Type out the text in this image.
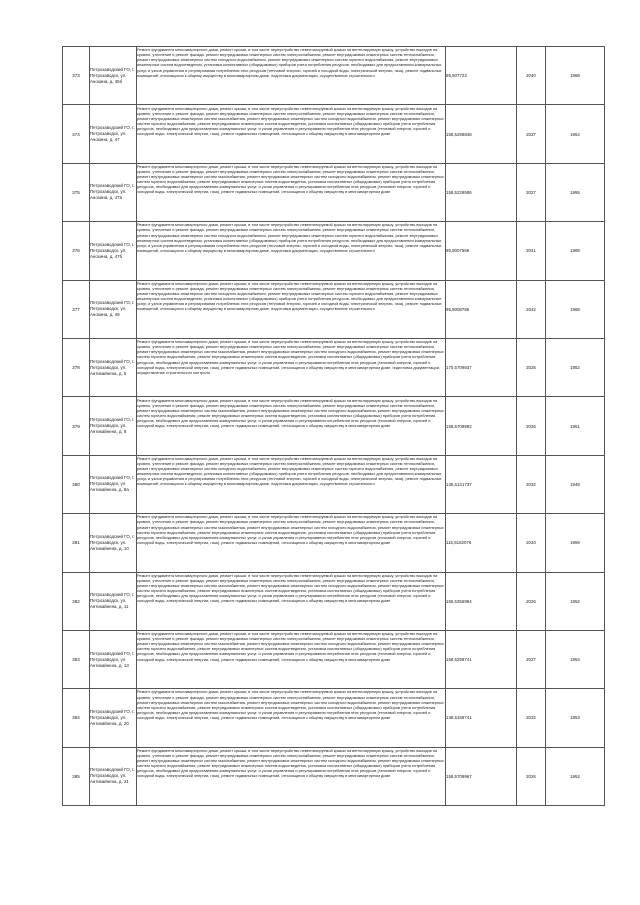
373	Петрозаводский ГО, г. Петрозаводск, ул. Анохина, д. 45б	Ремонт фундамента многоквартирного дома, ремонт крыши, в том числе переустройство невентилируемой крыши на вентилируемую крышу, устройство выходов на кровлю, утепление и ремонт фасада, ремонт внутридомовых инженерных систем электроснабжения, ремонт внутридомовых инженерных систем теплоснабжения, ремонт внутридомовых инженерных систем холодного водоснабжения, ремонт внутридомовых инженерных систем горячего водоснабжения, ремонт внутридомовых инженерных систем водоотведения, установка коллективных (общедомовых) приборов учета потребления ресурсов, необходимых для предоставления коммунальных услуг, и узлов управления и регулирования потребления этих ресурсов (тепловой энергии, горячей и холодной воды, электрической энергии, газа), ремонт подвальных помещений, относящихся к общему имуществу в многоквартирном доме, подготовка документации, осуществление строительного	95,507723	2040	1988
374	Петрозаводский ГО, г. Петрозаводск, ул. Анохина, д. 47	Ремонт фундамента многоквартирного дома, ремонт крыши, в том числе переустройство невентилируемой крыши на вентилируемую крышу, устройство выходов на кровлю, утепление и ремонт фасада, ремонт внутридомовых инженерных систем электроснабжения, ремонт внутридомовых инженерных систем теплоснабжения, ремонт внутридомовых инженерных систем газоснабжения, ремонт внутридомовых инженерных систем холодного водоснабжения, ремонт внутридомовых инженерных систем горячего водоснабжения, ремонт внутридомовых инженерных систем водоотведения, установка коллективных (общедомовых) приборов учета потребления ресурсов, необходимых для предоставления коммунальных услуг, и узлов управления и регулирования потребления этих ресурсов (тепловой энергии, горячей и холодной воды, электрической энергии, газа), ремонт подвальных помещений, относящихся к общему имуществу в многоквартирном доме	158,5298848	2027	1954
375	Петрозаводский ГО, г. Петрозаводск, ул. Анохина, д. 47а	Ремонт фундамента многоквартирного дома, ремонт крыши, в том числе переустройство невентилируемой крыши на вентилируемую крышу, устройство выходов на кровлю, утепление и ремонт фасада, ремонт внутридомовых инженерных систем электроснабжения, ремонт внутридомовых инженерных систем теплоснабжения, ремонт внутридомовых инженерных систем газоснабжения, ремонт внутридомовых инженерных систем холодного водоснабжения, ремонт внутридомовых инженерных систем горячего водоснабжения, ремонт внутридомовых инженерных систем водоотведения, установка коллективных (общедомовых) приборов учета потребления ресурсов, необходимых для предоставления коммунальных услуг, и узлов управления и регулирования потребления этих ресурсов (тепловой энергии, горячей и холодной воды, электрической энергии, газа), ремонт подвальных помещений, относящихся к общему имуществу в многоквартирном доме	158,5229586	2027	1955
376	Петрозаводский ГО, г. Петрозаводск, ул. Анохина, д. 47б	Ремонт фундамента многоквартирного дома, ремонт крыши, в том числе переустройство невентилируемой крыши на вентилируемую крышу, устройство выходов на кровлю, утепление и ремонт фасада, ремонт внутридомовых инженерных систем электроснабжения, ремонт внутридомовых инженерных систем теплоснабжения, ремонт внутридомовых инженерных систем холодного водоснабжения, ремонт внутридомовых инженерных систем горячего водоснабжения, ремонт внутридомовых инженерных систем водоотведения, установка коллективных (общедомовых) приборов учета потребления ресурсов, необходимых для предоставления коммунальных услуг, и узлов управления и регулирования потребления этих ресурсов (тепловой энергии, горячей и холодной воды, электрической энергии, газа), ремонт подвальных помещений, относящихся к общему имуществу в многоквартирном доме, подготовка документации, осуществление строительного	95,8007569	2041	1988
377	Петрозаводский ГО, г. Петрозаводск, ул. Анохина, д. 49	Ремонт фундамента многоквартирного дома, ремонт крыши, в том числе переустройство невентилируемой крыши на вентилируемую крышу, устройство выходов на кровлю, утепление и ремонт фасада, ремонт внутридомовых инженерных систем электроснабжения, ремонт внутридомовых инженерных систем теплоснабжения, ремонт внутридомовых инженерных систем холодного водоснабжения, ремонт внутридомовых инженерных систем горячего водоснабжения, ремонт внутридомовых инженерных систем водоотведения, установка коллективных (общедомовых) приборов учета потребления ресурсов, необходимых для предоставления коммунальных услуг, и узлов управления и регулирования потребления этих ресурсов (тепловой энергии, горячей и холодной воды, электрической энергии, газа), ремонт подвальных помещений, относящихся к общему имуществу в многоквартирном доме, подготовка документации, осуществление строительного	95,8008786	2042	1988
378	Петрозаводский ГО, г. Петрозаводск, ул. Антикайнена, д. 5	Ремонт фундамента многоквартирного дома, ремонт крыши, в том числе переустройство невентилируемой крыши на вентилируемую крышу, устройство выходов на кровлю, утепление и ремонт фасада, ремонт внутридомовых инженерных систем электроснабжения, ремонт внутридомовых инженерных систем теплоснабжения, ремонт внутридомовых инженерных систем газоснабжения, ремонт внутридомовых инженерных систем холодного водоснабжения, ремонт внутридомовых инженерных систем горячего водоснабжения, ремонт внутридомовых инженерных систем водоотведения, установка коллективных (общедомовых) приборов учета потребления ресурсов, необходимых для предоставления коммунальных услуг, и узлов управления и регулирования потребления этих ресурсов (тепловой энергии, горячей и холодной воды, электрической энергии, газа), ремонт подвальных помещений, относящихся к общему имуществу в многоквартирном доме, подготовка документации, осуществление строительного контроля	170,5709837	2025	1952
379	Петрозаводский ГО, г. Петрозаводск, ул. Антикайнена, д. 8	Ремонт фундамента многоквартирного дома, ремонт крыши, в том числе переустройство невентилируемой крыши на вентилируемую крышу, устройство выходов на кровлю, утепление и ремонт фасада, ремонт внутридомовых инженерных систем электроснабжения, ремонт внутридомовых инженерных систем теплоснабжения, ремонт внутридомовых инженерных систем газоснабжения, ремонт внутридомовых инженерных систем холодного водоснабжения, ремонт внутридомовых инженерных систем горячего водоснабжения, ремонт внутридомовых инженерных систем водоотведения, установка коллективных (общедомовых) приборов учета потребления ресурсов, необходимых для предоставления коммунальных услуг, и узлов управления и регулирования потребления этих ресурсов (тепловой энергии, горячей и холодной воды, электрической энергии, газа), ремонт подвальных помещений, относящихся к общему имуществу в многоквартирном доме	158,5709992	2026	1951
380	Петрозаводский ГО, г. Петрозаводск, ул. Антикайнена, д. 8а	Ремонт фундамента многоквартирного дома, ремонт крыши, в том числе переустройство невентилируемой крыши на вентилируемую крышу, устройство выходов на кровлю, утепление и ремонт фасада, ремонт внутридомовых инженерных систем электроснабжения, ремонт внутридомовых инженерных систем теплоснабжения, ремонт внутридомовых инженерных систем холодного водоснабжения, ремонт внутридомовых инженерных систем горячего водоснабжения, ремонт внутридомовых инженерных систем водоотведения, установка коллективных (общедомовых) приборов учета потребления ресурсов, необходимых для предоставления коммунальных услуг, и узлов управления и регулирования потребления этих ресурсов (тепловой энергии, горячей и холодной воды, электрической энергии, газа), ремонт подвальных помещений, относящихся к общему имуществу в многоквартирном доме, подготовка документации, осуществление строительного	135,5131737	2032	1948
381	Петрозаводский ГО, г. Петрозаводск, ул. Антикайнена, д. 10	Ремонт фундамента многоквартирного дома, ремонт крыши, в том числе переустройство невентилируемой крыши на вентилируемую крышу, устройство выходов на кровлю, утепление и ремонт фасада, ремонт внутридомовых инженерных систем электроснабжения, ремонт внутридомовых инженерных систем теплоснабжения, ремонт внутридомовых инженерных систем газоснабжения, ремонт внутридомовых инженерных систем холодного водоснабжения, ремонт внутридомовых инженерных систем горячего водоснабжения, ремонт внутридомовых инженерных систем водоотведения, установка коллективных (общедомовых) приборов учета потребления ресурсов, необходимых для предоставления коммунальных услуг, и узлов управления и регулирования потребления этих ресурсов (тепловой энергии, горячей и холодной воды, электрической энергии, газа), ремонт подвальных помещений, относящихся к общему имуществу в многоквартирном доме	115,5182076	2034	1959
382	Петрозаводский ГО, г. Петрозаводск, ул. Антикайнена, д. 11	Ремонт фундамента многоквартирного дома, ремонт крыши, в том числе переустройство невентилируемой крыши на вентилируемую крышу, устройство выходов на кровлю, утепление и ремонт фасада, ремонт внутридомовых инженерных систем электроснабжения, ремонт внутридомовых инженерных систем теплоснабжения, ремонт внутридомовых инженерных систем газоснабжения, ремонт внутридомовых инженерных систем холодного водоснабжения, ремонт внутридомовых инженерных систем горячего водоснабжения, ремонт внутридомовых инженерных систем водоотведения, установка коллективных (общедомовых) приборов учета потребления ресурсов, необходимых для предоставления коммунальных услуг, и узлов управления и регулирования потребления этих ресурсов (тепловой энергии, горячей и холодной воды, электрической энергии, газа), ремонт подвальных помещений, относящихся к общему имуществу в многоквартирном доме	155,5356994	2026	1952
383	Петрозаводский ГО, г. Петрозаводск, ул. Антикайнена, д. 13	Ремонт фундамента многоквартирного дома, ремонт крыши, в том числе переустройство невентилируемой крыши на вентилируемую крышу, устройство выходов на кровлю, утепление и ремонт фасада, ремонт внутридомовых инженерных систем электроснабжения, ремонт внутридомовых инженерных систем теплоснабжения, ремонт внутридомовых инженерных систем газоснабжения, ремонт внутридомовых инженерных систем холодного водоснабжения, ремонт внутридомовых инженерных систем горячего водоснабжения, ремонт внутридомовых инженерных систем водоотведения, установка коллективных (общедомовых) приборов учета потребления ресурсов, необходимых для предоставления коммунальных услуг, и узлов управления и регулирования потребления этих ресурсов (тепловой энергии, горячей и холодной воды, электрической энергии, газа), ремонт подвальных помещений, относящихся к общему имуществу в многоквартирном доме	158,5298741	2027	1954
384	Петрозаводский ГО, г. Петрозаводск, ул. Антикайнена, д. 20	Ремонт фундамента многоквартирного дома, ремонт крыши, в том числе переустройство невентилируемой крыши на вентилируемую крышу, устройство выходов на кровлю, утепление и ремонт фасада, ремонт внутридомовых инженерных систем электроснабжения, ремонт внутридомовых инженерных систем теплоснабжения, ремонт внутридомовых инженерных систем газоснабжения, ремонт внутридомовых инженерных систем холодного водоснабжения, ремонт внутридомовых инженерных систем горячего водоснабжения, ремонт внутридомовых инженерных систем водоотведения, установка коллективных (общедомовых) приборов учета потребления ресурсов, необходимых для предоставления коммунальных услуг, и узлов управления и регулирования потребления этих ресурсов (тепловой энергии, горячей и холодной воды, электрической энергии, газа), ремонт подвальных помещений, относящихся к общему имуществу в многоквартирном доме	138,5159741	2032	1953
385	Петрозаводский ГО, г. Петрозаводск, ул. Антикайнена, д. 21	Ремонт фундамента многоквартирного дома, ремонт крыши, в том числе переустройство невентилируемой крыши на вентилируемую крышу, устройство выходов на кровлю, утепление и ремонт фасада, ремонт внутридомовых инженерных систем электроснабжения, ремонт внутридомовых инженерных систем теплоснабжения, ремонт внутридомовых инженерных систем газоснабжения, ремонт внутридомовых инженерных систем холодного водоснабжения, ремонт внутридомовых инженерных систем горячего водоснабжения, ремонт внутридомовых инженерных систем водоотведения, установка коллективных (общедомовых) приборов учета потребления ресурсов, необходимых для предоставления коммунальных услуг, и узлов управления и регулирования потребления этих ресурсов (тепловой энергии, горячей и холодной воды, электрической энергии, газа), ремонт подвальных помещений, относящихся к общему имуществу в многоквартирном доме	158,5709967	2026	1952
